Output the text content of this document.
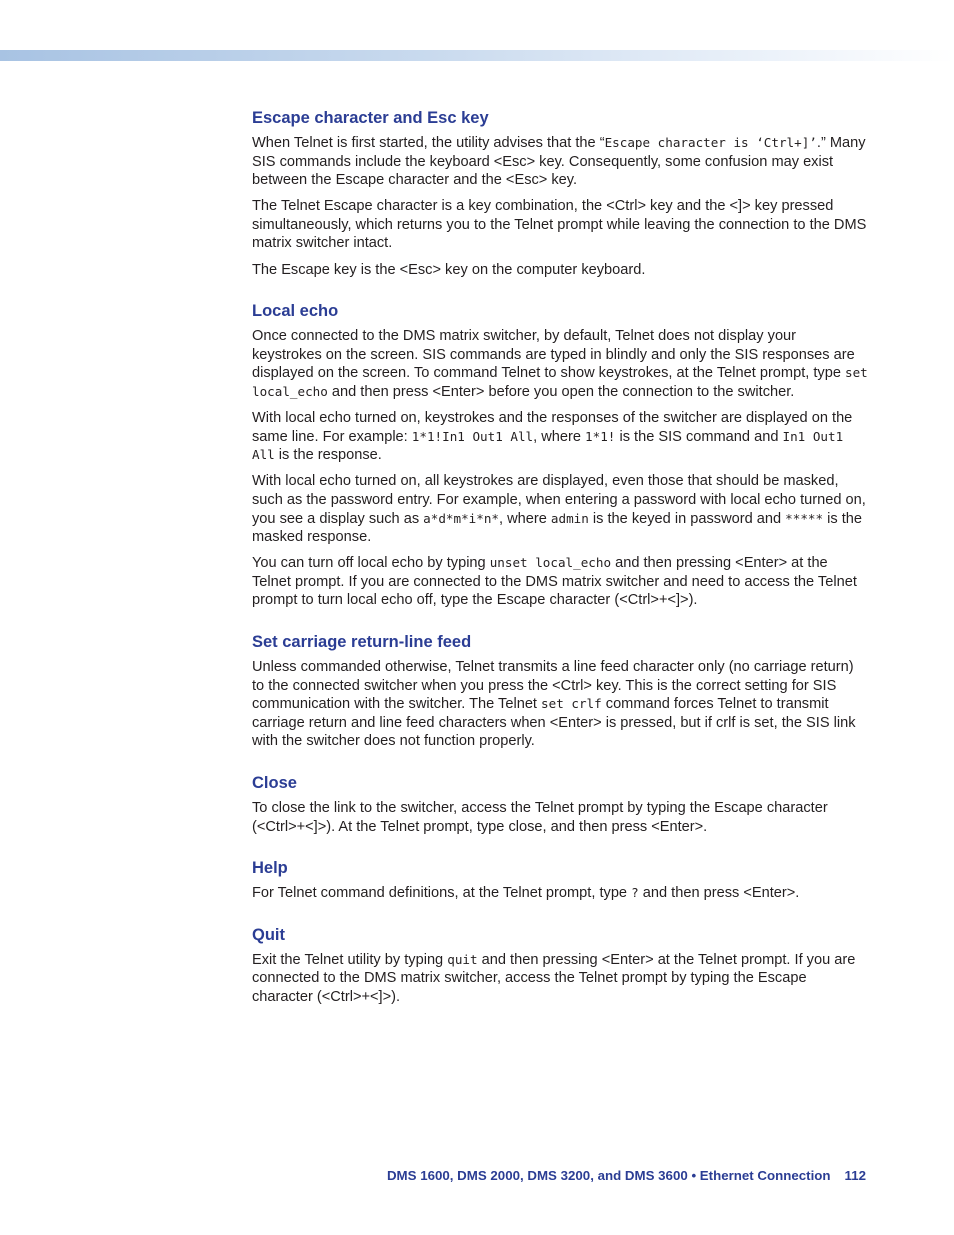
Escape character and Esc key

When Telnet is first started, the utility advises that the “Escape character is ‘Ctrl+]’.” Many SIS commands include the keyboard <Esc> key. Consequently, some confusion may exist between the Escape character and the <Esc> key.

The Telnet Escape character is a key combination, the <Ctrl> key and the <]> key pressed simultaneously, which returns you to the Telnet prompt while leaving the connection to the DMS matrix switcher intact.

The Escape key is the <Esc> key on the computer keyboard.

Local echo

Once connected to the DMS matrix switcher, by default, Telnet does not display your keystrokes on the screen. SIS commands are typed in blindly and only the SIS responses are displayed on the screen. To command Telnet to show keystrokes, at the Telnet prompt, type set local_echo and then press <Enter> before you open the connection to the switcher.

With local echo turned on, keystrokes and the responses of the switcher are displayed on the same line. For example: 1*1!In1 Out1 All, where 1*1! is the SIS command and In1 Out1 All is the response.

With local echo turned on, all keystrokes are displayed, even those that should be masked, such as the password entry. For example, when entering a password with local echo turned on, you see a display such as a*d*m*i*n*, where admin is the keyed in password and ***** is the masked response.

You can turn off local echo by typing unset local_echo and then pressing <Enter> at the Telnet prompt. If you are connected to the DMS matrix switcher and need to access the Telnet prompt to turn local echo off, type the Escape character (<Ctrl>+<]>).

Set carriage return-line feed

Unless commanded otherwise, Telnet transmits a line feed character only (no carriage return) to the connected switcher when you press the <Ctrl> key. This is the correct setting for SIS communication with the switcher. The Telnet set crlf command forces Telnet to transmit carriage return and line feed characters when <Enter> is pressed, but if crlf is set, the SIS link with the switcher does not function properly.

Close

To close the link to the switcher, access the Telnet prompt by typing the Escape character (<Ctrl>+<]>). At the Telnet prompt, type close, and then press <Enter>.

Help

For Telnet command definitions, at the Telnet prompt, type ? and then press <Enter>.

Quit

Exit the Telnet utility by typing quit and then pressing <Enter> at the Telnet prompt. If you are connected to the DMS matrix switcher, access the Telnet prompt by typing the Escape character (<Ctrl>+<]>).

DMS 1600, DMS 2000, DMS 3200, and DMS 3600 • Ethernet Connection 112
